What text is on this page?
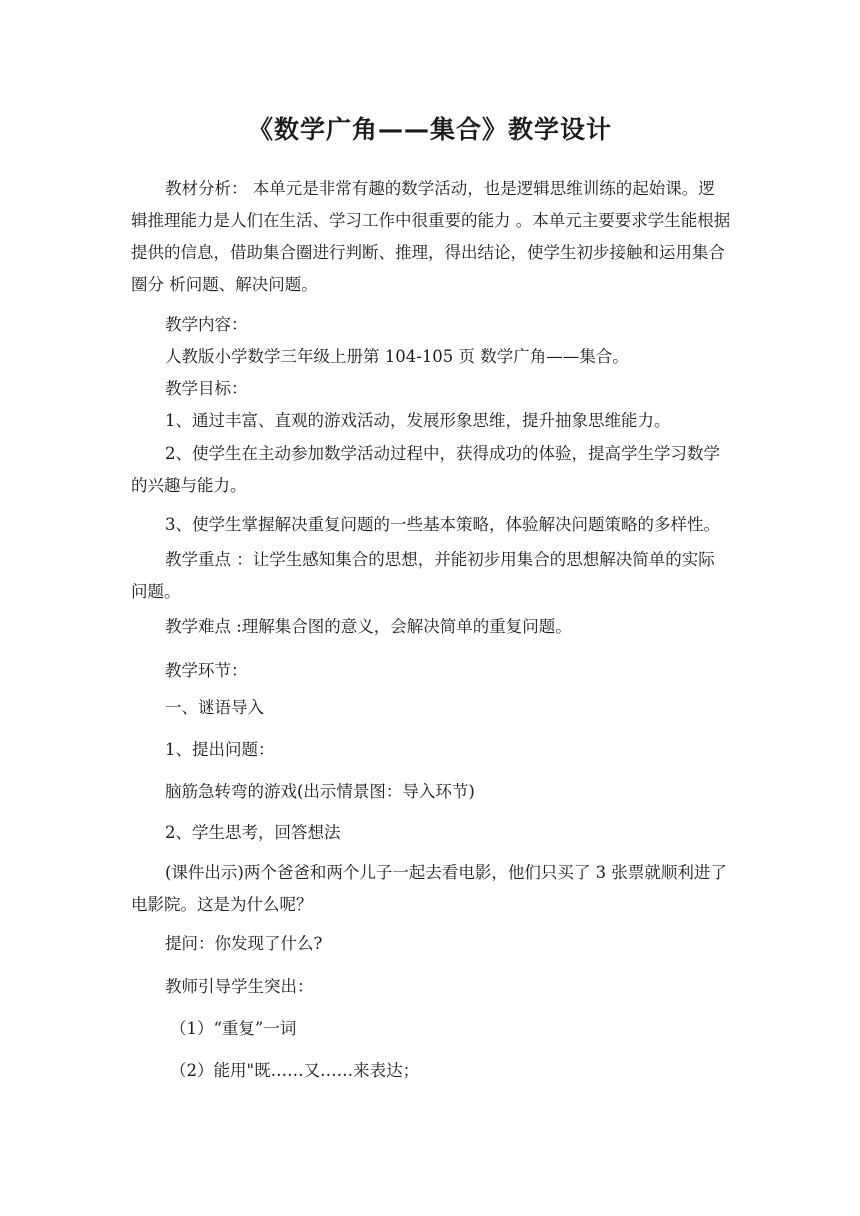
《数学广角——集合》教学设计

教材分析： 本单元是非常有趣的数学活动，也是逻辑思维训练的起始课。逻辑推理能力是人们在生活、学习工作中很重要的能力 。本单元主要要求学生能根据提供的信息，借助集合圈进行判断、推理，得出结论，使学生初步接触和运用集合圈分 析问题、解决问题。

教学内容：

人教版小学数学三年级上册第 104-105 页 数学广角——集合。

教学目标：

1、通过丰富、直观的游戏活动，发展形象思维，提升抽象思维能力。

2、使学生在主动参加数学活动过程中，获得成功的体验，提高学生学习数学的兴趣与能力。

3、使学生掌握解决重复问题的一些基本策略，体验解决问题策略的多样性。

教学重点 ：让学生感知集合的思想，并能初步用集合的思想解决简单的实际问题。

教学难点 :理解集合图的意义，会解决简单的重复问题。

教学环节：

一、谜语导入

1、提出问题：

脑筋急转弯的游戏(出示情景图：导入环节)

2、学生思考，回答想法

(课件出示)两个爸爸和两个儿子一起去看电影，他们只买了 3 张票就顺利进了电影院。这是为什么呢？

提问：你发现了什么?

教师引导学生突出：

（1）“重复”一词

（2）能用"既……又……来表达；
